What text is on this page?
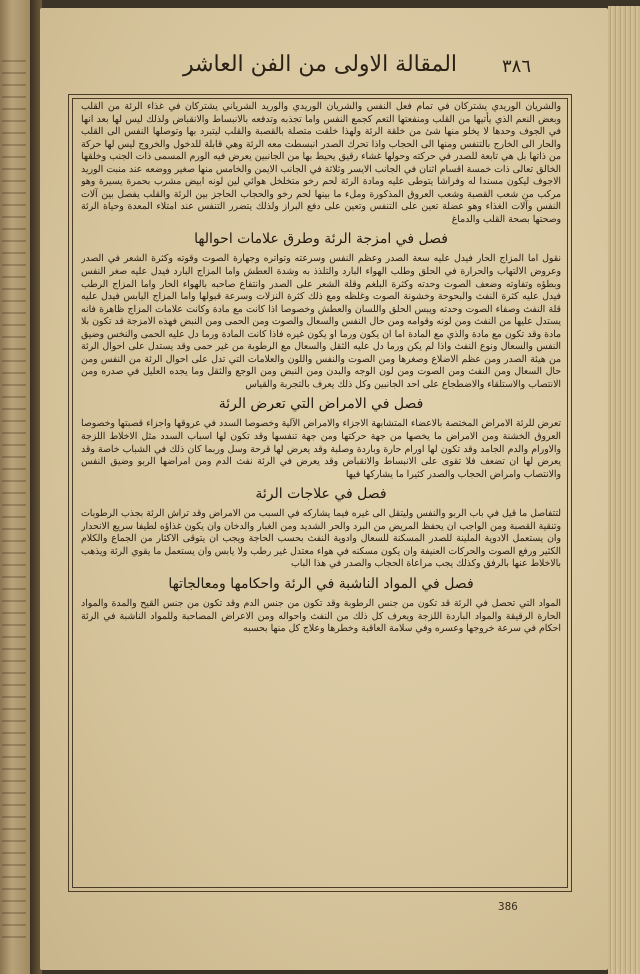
المقالة الاولى من الفن العاشر	٣٨٦

والشريان الوريدي يشتركان في تمام فعل النفس والشريان الوريدي والوريد الشرياني يشتركان في غذاء الرئة من القلب وبعض النعم الذي يأتيها من القلب ومنفعتها التعم كجمع النفس واما تجذبه وتدفعه بالانبساط والانقباض ولذلك ليس لها بعد انها في الجوف وحدها لا يخلو منها شئ من خلقة الرئة ولهذا خلقت متصلة بالقصبة والقلب ليتبرد بها وتوصلها النفس الى القلب والحار الى الخارج بالتنفس ومنها الى الحجاب واذا تحرك الصدر انبسطت معه الرئة وهي قابلة للدخول والخروج ليس لها حركة من ذاتها بل هي تابعة للصدر في حركته وحولها غشاء رقيق يحيط بها من الجانبين يعرض فيه الورم المسمى ذات الجنب وخلقها الخالق تعالى ذات خمسة اقسام اثنان في الجانب الايسر وثلاثة في الجانب الايمن والخامس منها صغير ووضعه عند منبت الوريد الاجوف ليكون مسندا له وفراشا يتوطى عليه ومادة الرئة لحم رخو متخلخل هوائي لين لونه ابيض مشرب بحمرة يسيرة وهو مركب من شعب القصبة وشعب العروق المذكورة وملء ما بينها لحم رخو والحجاب الحاجز بين الرئة والقلب يفصل بين آلات النفس وآلات الغذاء وهو عضلة تعين على التنفس وتعين على دفع البراز ولذلك يتضرر التنفس عند امتلاء المعدة وحياة الرئة وصحتها بصحة القلب والدماغ

فصل في امزجة الرئة وطرق علامات احوالها

نقول اما المزاج الحار فيدل عليه سعة الصدر وعظم النفس وسرعته وتواتره وجهارة الصوت وقوته وكثرة الشعر في الصدر وعروض الالتهاب والحرارة في الحلق وطلب الهواء البارد والتلذذ به وشدة العطش واما المزاج البارد فيدل عليه صغر النفس وبطؤه وتفاوته وضعف الصوت وحدته وكثرة البلغم وقلة الشعر على الصدر وانتفاع صاحبه بالهواء الحار واما المزاج الرطب فيدل عليه كثرة النفث والبحوحة وخشونة الصوت وغلظه ومع ذلك كثرة النزلات وسرعة قبولها واما المزاج اليابس فيدل عليه قلة النفث وصفاء الصوت وحدته ويبس الحلق واللسان والعطش وخصوصا اذا كانت مع مادة وكانت علامات المزاج ظاهرة فانه يستدل عليها من النفث ومن لونه وقوامه ومن حال النفس والسعال والصوت ومن الحمى ومن النبض فهذه الامزجة قد تكون بلا مادة وقد تكون مع مادة والذي مع المادة اما ان يكون ورما او يكون غيره فاذا كانت المادة ورما دل عليه الحمى والنخس وضيق النفس والسعال ونوع النفث واذا لم يكن ورما دل عليه الثقل والسعال مع الرطوبة من غير حمى وقد يستدل على احوال الرئة من هيئة الصدر ومن عظم الاضلاع وصغرها ومن الصوت والنفس واللون والعلامات التي تدل على احوال الرئة من النفس ومن حال السعال ومن النفث ومن الصوت ومن لون الوجه والبدن ومن النبض ومن الوجع والثقل وما يجده العليل في صدره ومن الانتصاب والاستلقاء والاضطجاع على احد الجانبين وكل ذلك يعرف بالتجربة والقياس

فصل في الامراض التي تعرض الرئة

تعرض للرئة الامراض المختصة بالاعضاء المتشابهة الاجزاء والامراض الآلية وخصوصا السدد في عروقها واجزاء قصبتها وخصوصا العروق الخشنة ومن الامراض ما يخصها من جهة حركتها ومن جهة تنفسها وقد تكون لها اسباب السدد مثل الاخلاط اللزجة والاورام والدم الجامد وقد تكون لها اورام حارة وباردة وصلبة وقد يعرض لها قرحة وسل وربما كان ذلك في الشباب خاصة وقد يعرض لها ان تضعف فلا تقوى على الانبساط والانقباض وقد يعرض في الرئة نفث الدم ومن امراضها الربو وضيق النفس والانتصاب وامراض الحجاب والصدر كثيرا ما يشاركها فيها

فصل في علاجات الرئة

لتتفاصل ما قيل في باب الربو والنفس وليتقل الى غيره فيما يشاركه في السبب من الامراض وقد تراش الرئة بجذب الرطوبات وتنقية القصبة ومن الواجب ان يحفظ المريض من البرد والحر الشديد ومن الغبار والدخان وان يكون غذاؤه لطيفا سريع الانحدار وان يستعمل الادوية الملينة للصدر المسكنة للسعال وادوية النفث بحسب الحاجة ويجب ان يتوقى الاكثار من الجماع والكلام الكثير ورفع الصوت والحركات العنيفة وان يكون مسكنه في هواء معتدل غير رطب ولا يابس وان يستعمل ما يقوي الرئة ويذهب بالاخلاط عنها بالرفق وكذلك يجب مراعاة الحجاب والصدر في هذا الباب

فصل في المواد الناشبة في الرئة واحكامها ومعالجاتها

المواد التي تحصل في الرئة قد تكون من جنس الرطوبة وقد تكون من جنس الدم وقد تكون من جنس القيح والمدة والمواد الحارة الرقيقة والمواد الباردة اللزجة ويعرف كل ذلك من النفث واحواله ومن الاعراض المصاحبة وللمواد الناشبة في الرئة احكام في سرعة خروجها وعسره وفي سلامة العاقبة وخطرها وعلاج كل منها بحسبه

386
